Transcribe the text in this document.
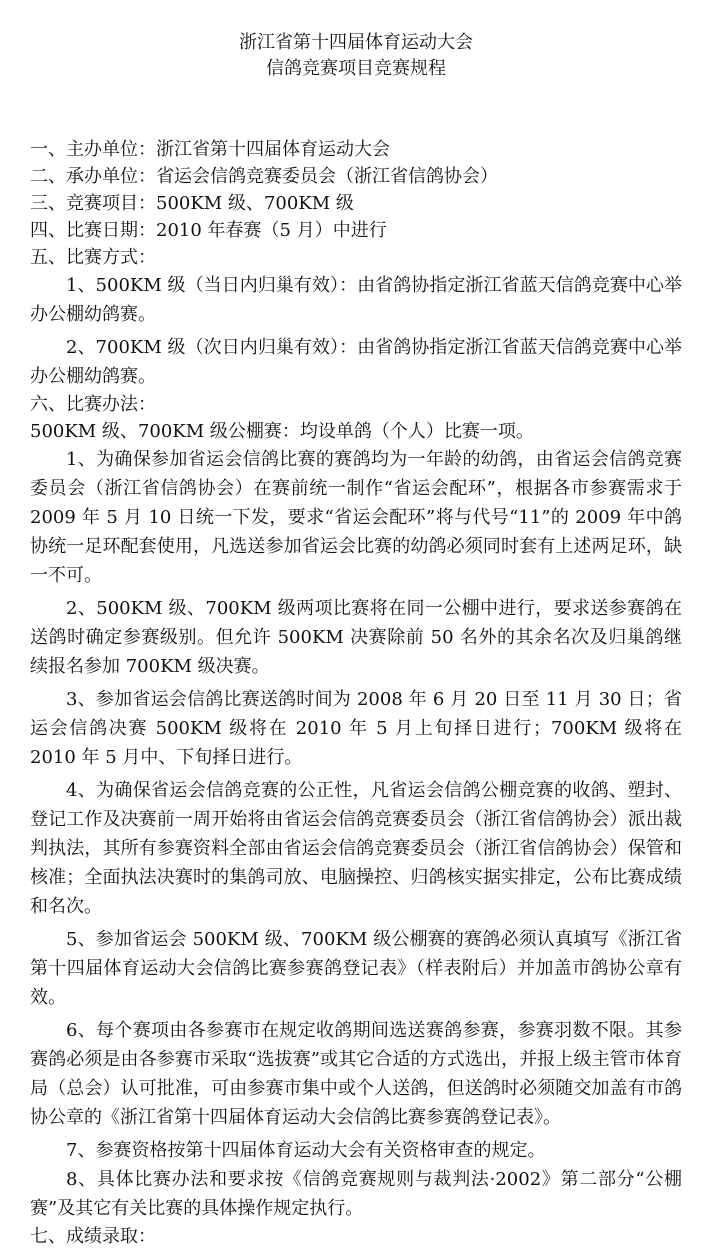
浙江省第十四届体育运动大会

信鸽竞赛项目竞赛规程

一、主办单位：浙江省第十四届体育运动大会

二、承办单位：省运会信鸽竞赛委员会（浙江省信鸽协会）

三、竞赛项目：500KM 级、700KM 级

四、比赛日期：2010 年春赛（5 月）中进行

五、比赛方式：

1、500KM 级（当日内归巢有效）：由省鸽协指定浙江省蓝天信鸽竞赛中心举办公棚幼鸽赛。

2、700KM 级（次日内归巢有效）：由省鸽协指定浙江省蓝天信鸽竞赛中心举办公棚幼鸽赛。

六、比赛办法：

500KM 级、700KM 级公棚赛：均设单鸽（个人）比赛一项。

1、为确保参加省运会信鸽比赛的赛鸽均为一年龄的幼鸽，由省运会信鸽竞赛委员会（浙江省信鸽协会）在赛前统一制作“省运会配环”，根据各市参赛需求于 2009 年 5 月 10 日统一下发，要求“省运会配环”将与代号“11”的 2009 年中鸽协统一足环配套使用，凡选送参加省运会比赛的幼鸽必须同时套有上述两足环，缺一不可。

2、500KM 级、700KM 级两项比赛将在同一公棚中进行，要求送参赛鸽在送鸽时确定参赛级别。但允许 500KM 决赛除前 50 名外的其余名次及归巢鸽继续报名参加 700KM 级决赛。

3、参加省运会信鸽比赛送鸽时间为 2008 年 6 月 20 日至 11 月 30 日；省运会信鸽决赛 500KM 级将在 2010 年 5 月上旬择日进行；700KM 级将在 2010 年 5 月中、下旬择日进行。

4、为确保省运会信鸽竞赛的公正性，凡省运会信鸽公棚竞赛的收鸽、塑封、登记工作及决赛前一周开始将由省运会信鸽竞赛委员会（浙江省信鸽协会）派出裁判执法，其所有参赛资料全部由省运会信鸽竞赛委员会（浙江省信鸽协会）保管和核准；全面执法决赛时的集鸽司放、电脑操控、归鸽核实据实排定，公布比赛成绩和名次。

5、参加省运会 500KM 级、700KM 级公棚赛的赛鸽必须认真填写《浙江省第十四届体育运动大会信鸽比赛参赛鸽登记表》（样表附后）并加盖市鸽协公章有效。

6、每个赛项由各参赛市在规定收鸽期间选送赛鸽参赛，参赛羽数不限。其参赛鸽必须是由各参赛市采取“选拔赛”或其它合适的方式选出，并报上级主管市体育局（总会）认可批准，可由参赛市集中或个人送鸽，但送鸽时必须随交加盖有市鸽协公章的《浙江省第十四届体育运动大会信鸽比赛参赛鸽登记表》。

7、参赛资格按第十四届体育运动大会有关资格审查的规定。

8、具体比赛办法和要求按《信鸽竞赛规则与裁判法·2002》第二部分“公棚赛”及其它有关比赛的具体操作规定执行。

七、成绩录取：
